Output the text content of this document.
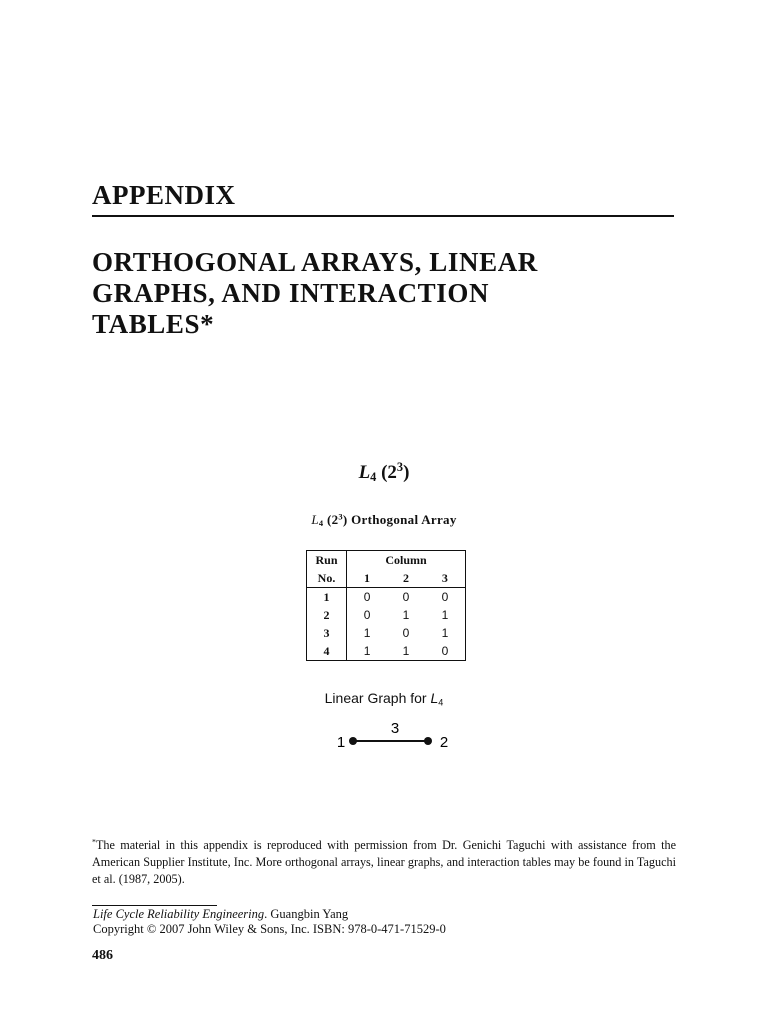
APPENDIX
ORTHOGONAL ARRAYS, LINEAR
GRAPHS, AND INTERACTION
TABLES*
$L_4$ $(2^3)$
$L_4$ $(2^3)$ Orthogonal Array
Run	Column		
No.	1	2	3
1	0	0	0
2	0	1	1
3	1	0	1
4	1	1	0
Linear Graph for $L_4$
3
1	2

*The material in this appendix is reproduced with permission from Dr. Genichi Taguchi with assistance from the American Supplier Institute, Inc. More orthogonal arrays, linear graphs, and interaction tables may be found in Taguchi et al. (1987, 2005).

Life Cycle Reliability Engineering. Guangbin Yang
Copyright © 2007 John Wiley & Sons, Inc. ISBN: 978-0-471-71529-0
486
